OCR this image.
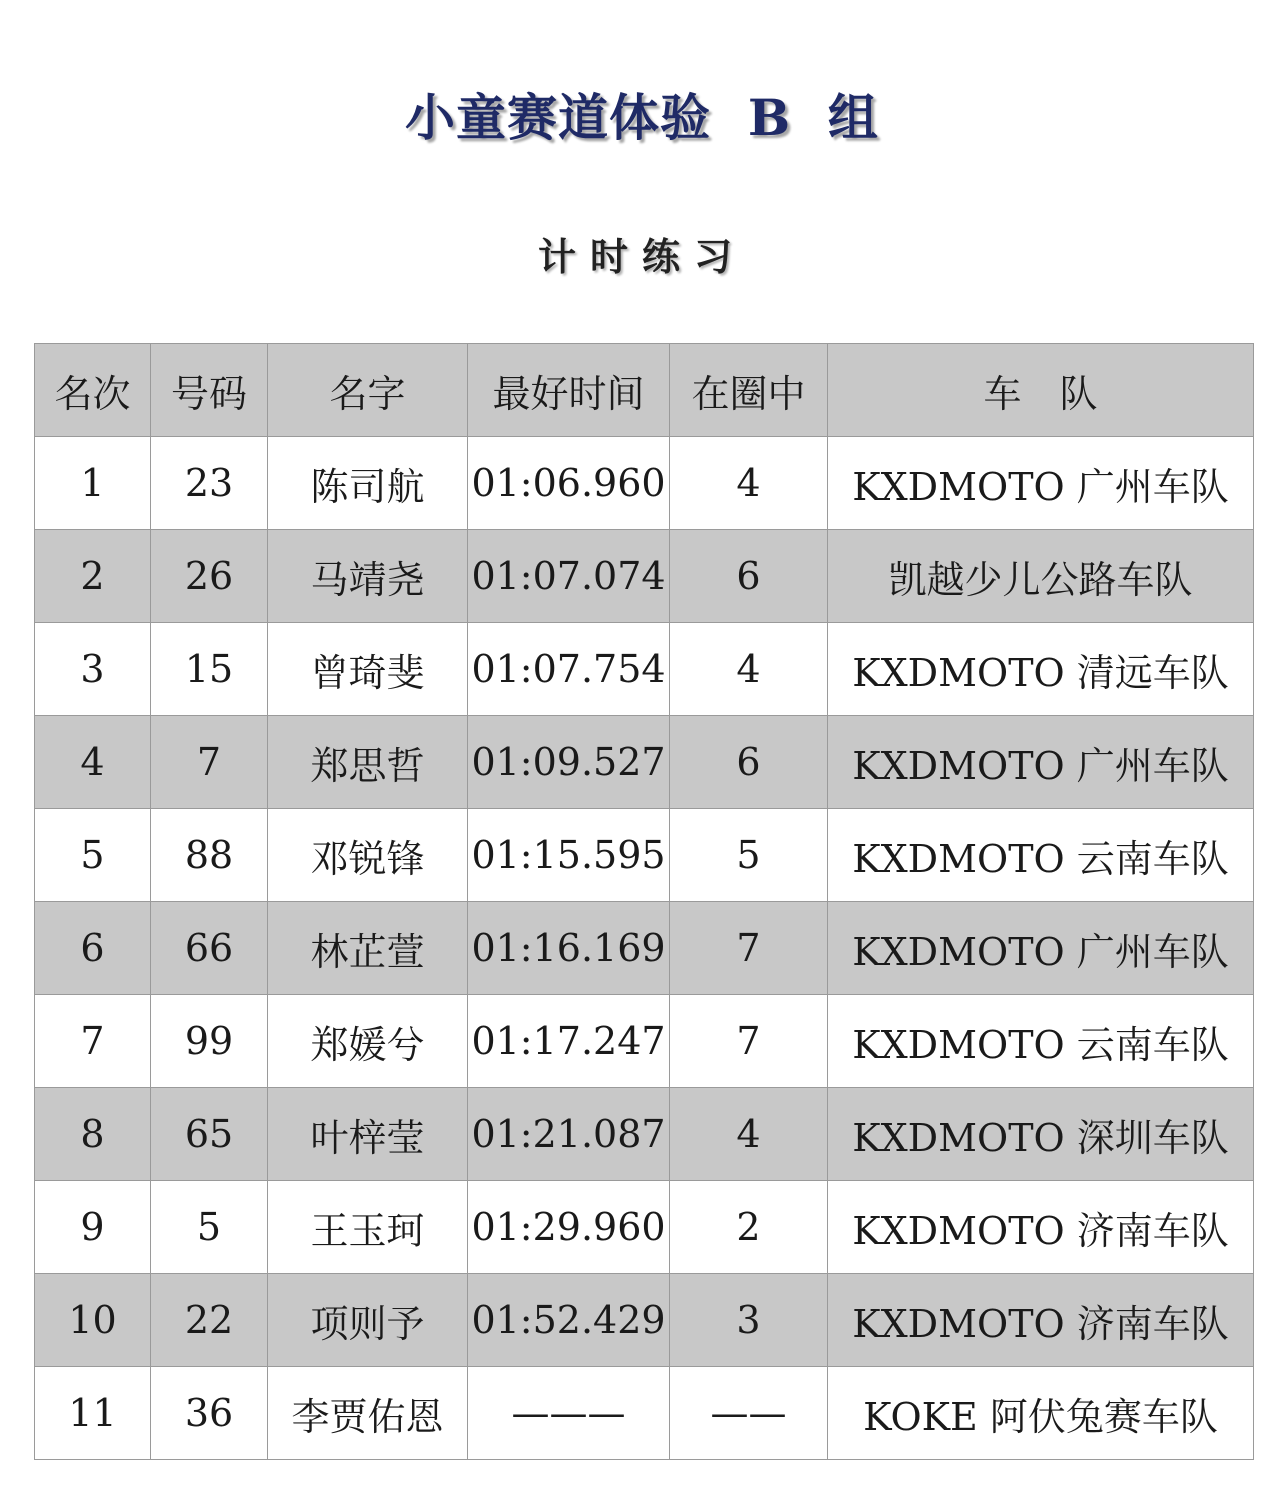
小童赛道体验  B  组
计时练习
名次	号码	名字	最好时间	在圈中	车　队
1	23	陈司航	01:06.960	4	KXDMOTO 广州车队
2	26	马靖尧	01:07.074	6	凯越少儿公路车队
3	15	曾琦斐	01:07.754	4	KXDMOTO 清远车队
4	7	郑思哲	01:09.527	6	KXDMOTO 广州车队
5	88	邓锐锋	01:15.595	5	KXDMOTO 云南车队
6	66	林芷萱	01:16.169	7	KXDMOTO 广州车队
7	99	郑媛兮	01:17.247	7	KXDMOTO 云南车队
8	65	叶梓莹	01:21.087	4	KXDMOTO 深圳车队
9	5	王玉珂	01:29.960	2	KXDMOTO 济南车队
10	22	项则予	01:52.429	3	KXDMOTO 济南车队
11	36	李贾佑恩	———	——	KOKE 阿伏兔赛车队
